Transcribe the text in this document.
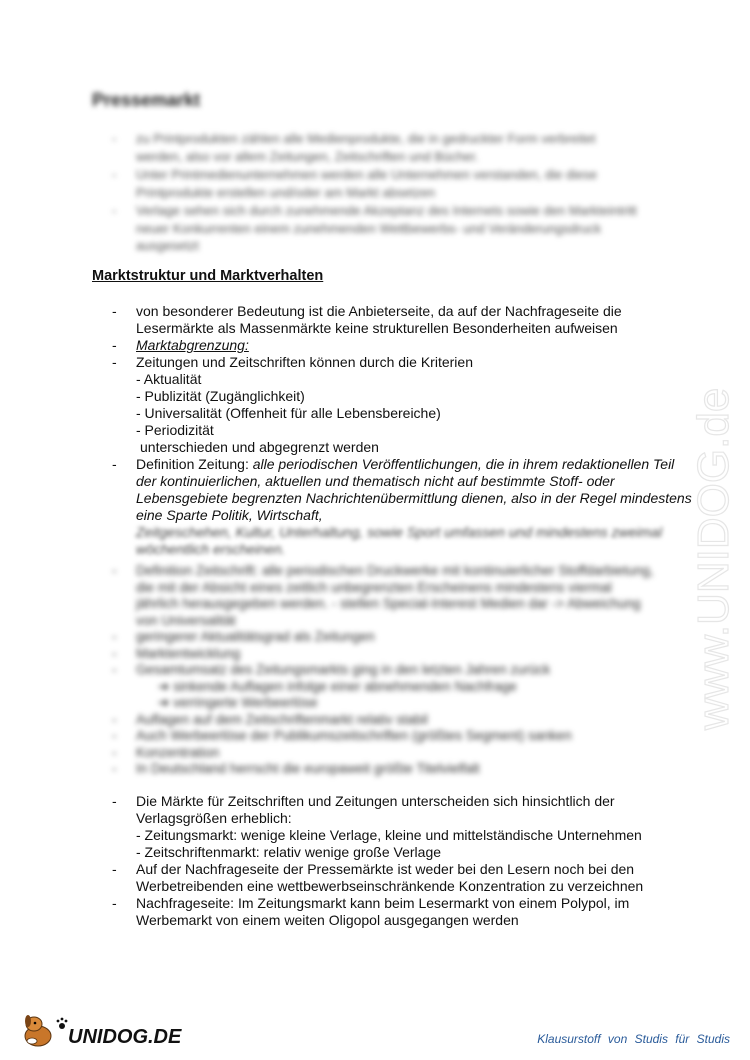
Pressemarkt
- zu Printprodukten zählen alle Medienprodukte, die in gedruckter Form verbreitet werden, also vor allem Zeitungen, Zeitschriften und Bücher.
- Unter Printmedienunternehmen werden alle Unternehmen verstanden, die diese Printprodukte erstellen und/oder am Markt absetzen
- Verlage sehen sich durch zunehmende Akzeptanz des Internets sowie den Markteintritt neuer Konkurrenten einem zunehmenden Wettbewerbs- und Veränderungsdruck ausgesetzt
Marktstruktur und Marktverhalten
- von besonderer Bedeutung ist die Anbieterseite, da auf der Nachfrageseite die Lesermärkte als Massenmärkte keine strukturellen Besonderheiten aufweisen
- Marktabgrenzung:
- Zeitungen und Zeitschriften können durch die Kriterien
- Aktualität
- Publizität (Zugänglichkeit)
- Universalität (Offenheit für alle Lebensbereiche)
- Periodizität
unterschieden und abgegrenzt werden
- Definition Zeitung: alle periodischen Veröffentlichungen, die in ihrem redaktionellen Teil der kontinuierlichen, aktuellen und thematisch nicht auf bestimmte Stoff- oder Lebensgebiete begrenzten Nachrichtenübermittlung dienen, also in der Regel mindestens eine Sparte Politik, Wirtschaft,
Zeitgeschehen, Kultur, Unterhaltung, sowie Sport umfassen und mindestens zweimal wöchentlich erscheinen.
- Definition Zeitschrift: alle periodischen Druckwerke mit kontinuierlicher Stoffdarbietung, die mit der Absicht eines zeitlich unbegrenzten Erscheinens mindestens viermal jährlich herausgegeben werden. - stellen Special-Interest Medien dar -> Abweichung von Universalität
- geringerer Aktualitätsgrad als Zeitungen
- Marktentwicklung
- Gesamtumsatz des Zeitungsmarkts ging in den letzten Jahren zurück
➔ sinkende Auflagen infolge einer abnehmenden Nachfrage
➔ verringerte Werbeerlöse
- Auflagen auf dem Zeitschriftenmarkt relativ stabil
- Auch Werbeerlöse der Publikumszeitschriften (größtes Segment) sanken
- Konzentration
- In Deutschland herrscht die europaweit größte Titelvielfalt
- Die Märkte für Zeitschriften und Zeitungen unterscheiden sich hinsichtlich der Verlagsgrößen erheblich:
- Zeitungsmarkt: wenige kleine Verlage, kleine und mittelständische Unternehmen
- Zeitschriftenmarkt: relativ wenige große Verlage
- Auf der Nachfrageseite der Pressemärkte ist weder bei den Lesern noch bei den Werbetreibenden eine wettbewerbseinschränkende Konzentration zu verzeichnen
- Nachfrageseite: Im Zeitungsmarkt kann beim Lesermarkt von einem Polypol, im Werbemarkt von einem weiten Oligopol ausgegangen werden
www.UNIDOG.de
UNIDOG.DE	Klausurstoff von Studis für Studis
